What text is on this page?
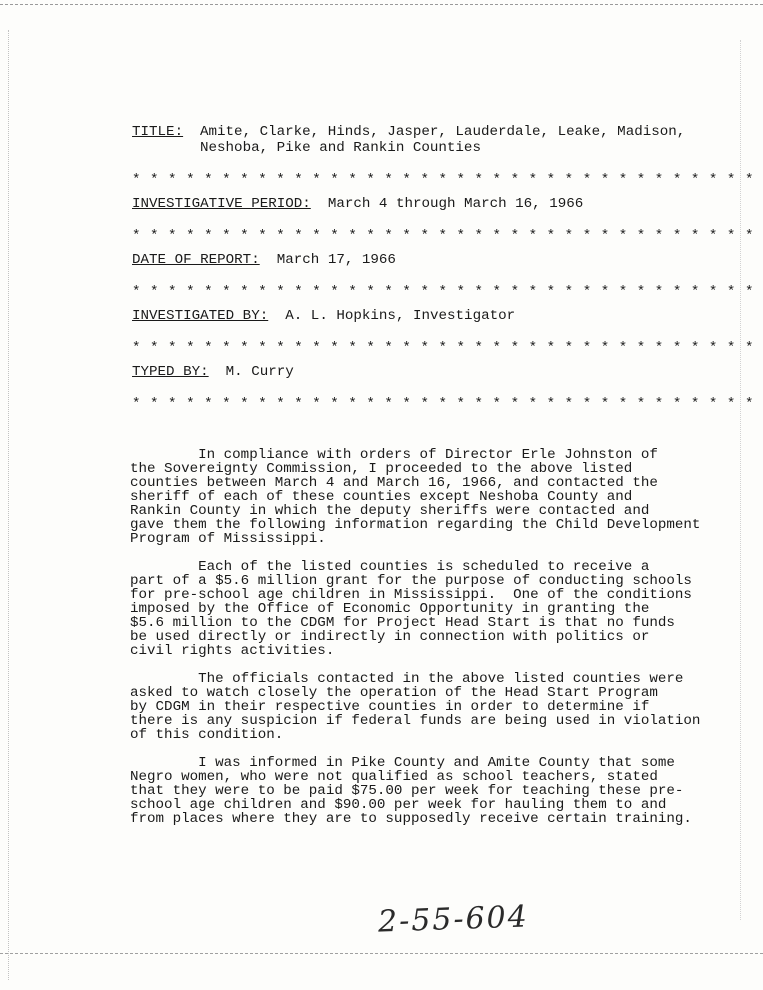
TITLE:	Amite, Clarke, Hinds, Jasper, Lauderdale, Leake, Madison,
Neshoba, Pike and Rankin Counties
* * * * * * * * * * * * * * * * * * * * * * * * * * * * * * * * * * *
INVESTIGATIVE PERIOD: March 4 through March 16, 1966
* * * * * * * * * * * * * * * * * * * * * * * * * * * * * * * * * * *
DATE OF REPORT: March 17, 1966
* * * * * * * * * * * * * * * * * * * * * * * * * * * * * * * * * * *
INVESTIGATED BY: A. L. Hopkins, Investigator
* * * * * * * * * * * * * * * * * * * * * * * * * * * * * * * * * * *
TYPED BY: M. Curry
* * * * * * * * * * * * * * * * * * * * * * * * * * * * * * * * * * *
In compliance with orders of Director Erle Johnston of
the Sovereignty Commission, I proceeded to the above listed
counties between March 4 and March 16, 1966, and contacted the
sheriff of each of these counties except Neshoba County and
Rankin County in which the deputy sheriffs were contacted and
gave them the following information regarding the Child Development
Program of Mississippi.
Each of the listed counties is scheduled to receive a
part of a $5.6 million grant for the purpose of conducting schools
for pre-school age children in Mississippi.  One of the conditions
imposed by the Office of Economic Opportunity in granting the
$5.6 million to the CDGM for Project Head Start is that no funds
be used directly or indirectly in connection with politics or
civil rights activities.
The officials contacted in the above listed counties were
asked to watch closely the operation of the Head Start Program
by CDGM in their respective counties in order to determine if
there is any suspicion if federal funds are being used in violation
of this condition.
I was informed in Pike County and Amite County that some
Negro women, who were not qualified as school teachers, stated
that they were to be paid $75.00 per week for teaching these pre-
school age children and $90.00 per week for hauling them to and
from places where they are to supposedly receive certain training.
2-55-604
